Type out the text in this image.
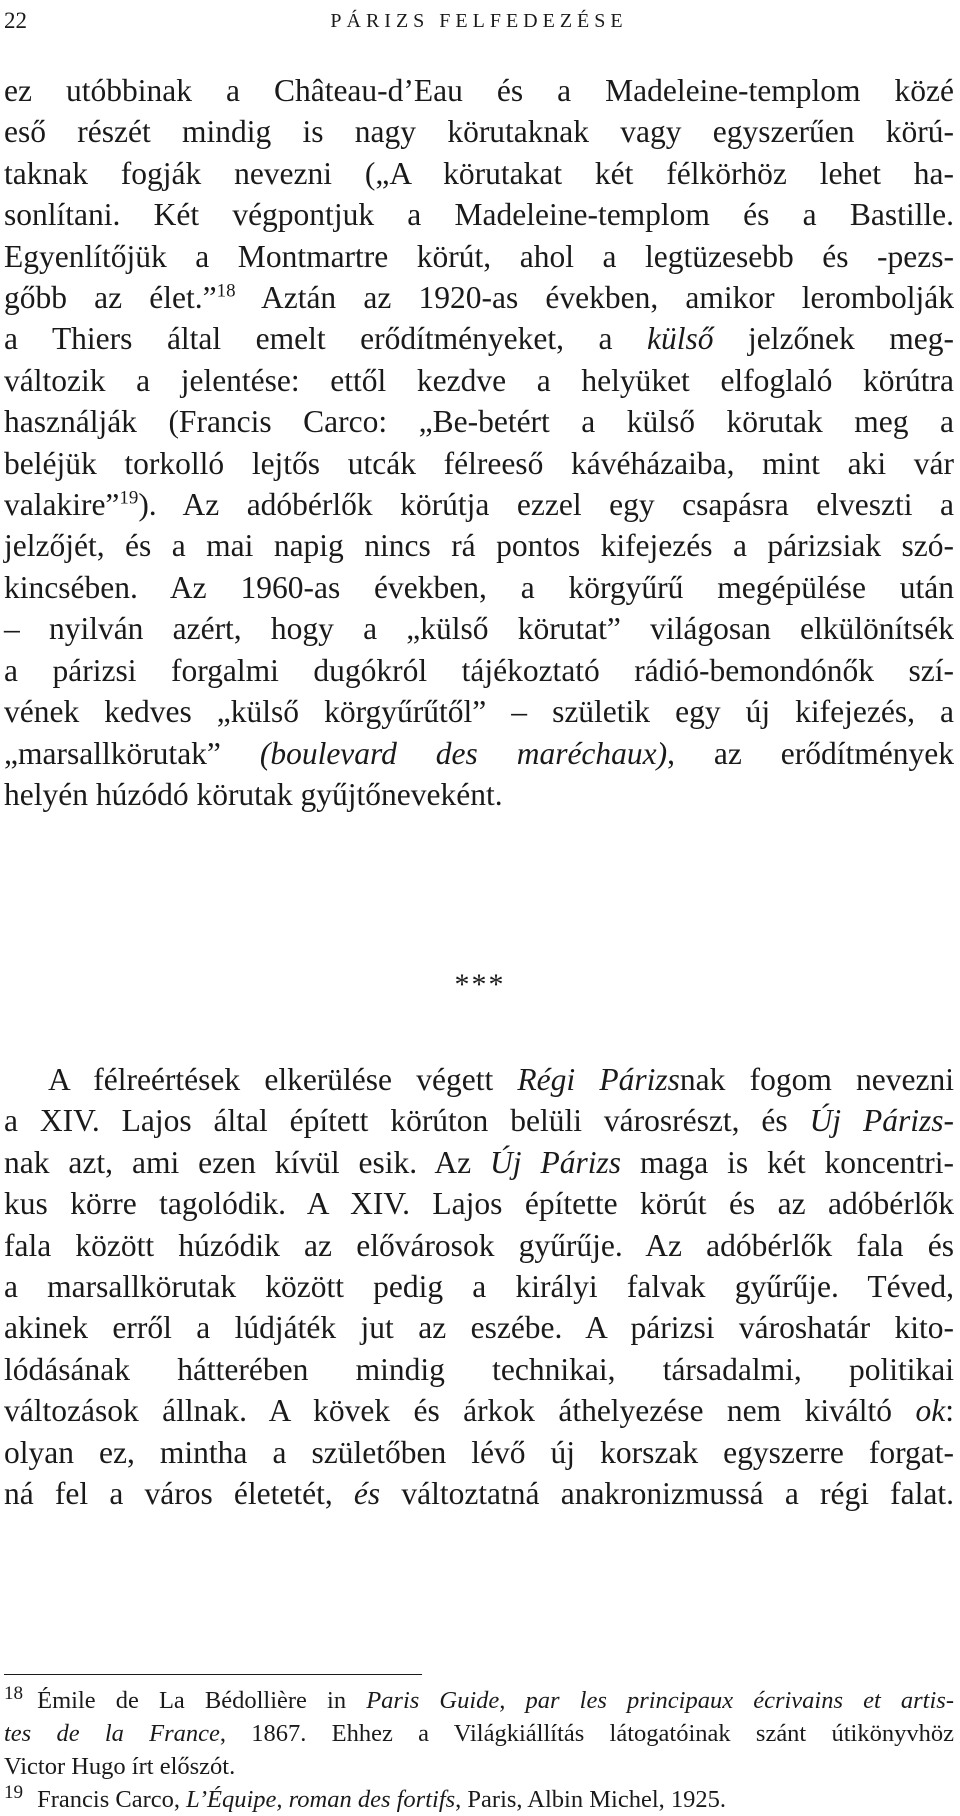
22	PÁRIZS FELFEDEZÉSE

ez utóbbinak a Château-d’Eau és a Madeleine-templom közé
eső részét mindig is nagy körutaknak vagy egyszerűen körú-
taknak fogják nevezni („A körutakat két félkörhöz lehet ha-
sonlítani. Két végpontjuk a Madeleine-templom és a Bastille.
Egyenlítőjük a Montmartre körút, ahol a legtüzesebb és -pezs-
gőbb az élet.”$^{18}$ Aztán az 1920-as években, amikor lerombolják
a Thiers által emelt erődítményeket, a külső jelzőnek meg-
változik a jelentése: ettől kezdve a helyüket elfoglaló körútra
használják (Francis Carco: „Be-betért a külső körutak meg a
beléjük torkolló lejtős utcák félreeső kávéházaiba, mint aki vár
valakire”$^{19}$). Az adóbérlők körútja ezzel egy csapásra elveszti a
jelzőjét, és a mai napig nincs rá pontos kifejezés a párizsiak szó-
kincsében. Az 1960-as években, a körgyűrű megépülése után
– nyilván azért, hogy a „külső körutat” világosan elkülönítsék
a párizsi forgalmi dugókról tájékoztató rádió-bemondónők szí-
vének kedves „külső körgyűrűtől” – születik egy új kifejezés, a
„marsallkörutak” (boulevard des maréchaux), az erődítmények
helyén húzódó körutak gyűjtőneveként.

***

A félreértések elkerülése végett Régi Párizsnak fogom nevezni
a XIV. Lajos által épített körúton belüli városrészt, és Új Párizs-
nak azt, ami ezen kívül esik. Az Új Párizs maga is két koncentri-
kus körre tagolódik. A XIV. Lajos építette körút és az adóbérlők
fala között húzódik az elővárosok gyűrűje. Az adóbérlők fala és
a marsallkörutak között pedig a királyi falvak gyűrűje. Téved,
akinek erről a lúdjáték jut az eszébe. A párizsi városhatár kito-
lódásának hátterében mindig technikai, társadalmi, politikai
változások állnak. A kövek és árkok áthelyezése nem kiváltó ok:
olyan ez, mintha a születőben lévő új korszak egyszerre forgat-
ná fel a város életetét, és változtatná anakronizmussá a régi falat.

$^{18}$ Émile de La Bédollière in Paris Guide, par les principaux écrivains et artis-
tes de la France, 1867. Ehhez a Világkiállítás látogatóinak szánt útikönyvhöz
Victor Hugo írt előszót.
$^{19}$ Francis Carco, L’Équipe, roman des fortifs, Paris, Albin Michel, 1925.
